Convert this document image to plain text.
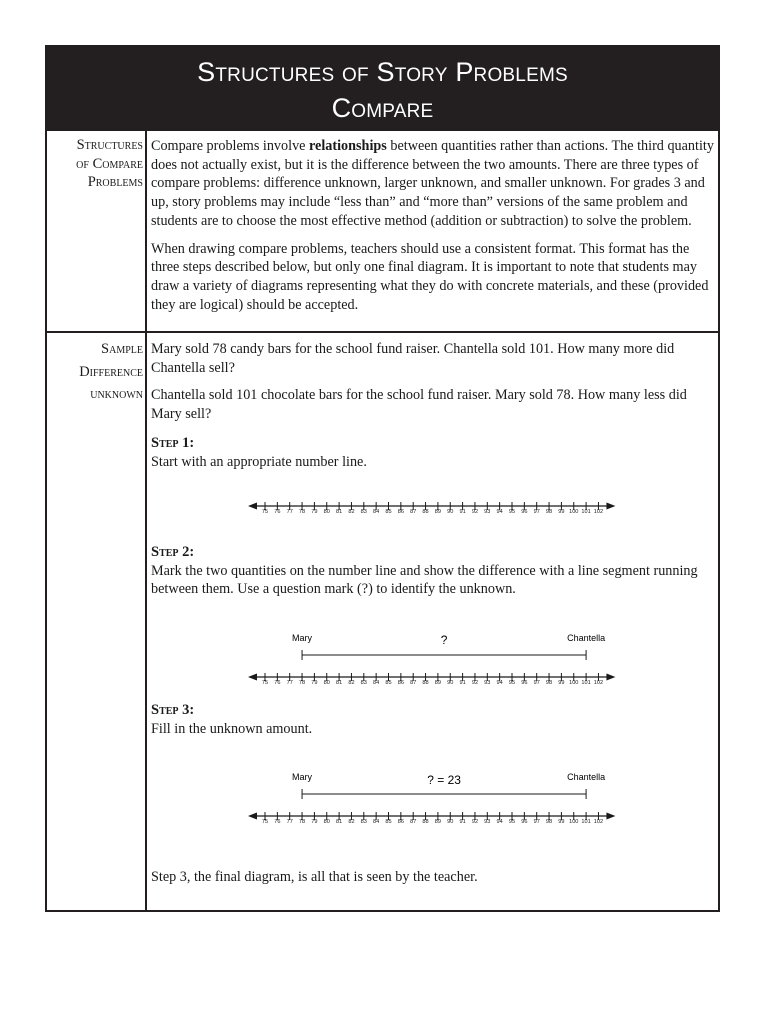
Structures of Story Problems
Compare
Structures
of Compare
Problems

Compare problems involve relationships between quantities rather than actions. The third quantity does not actually exist, but it is the difference between the two amounts. There are three types of compare problems: difference unknown, larger unknown, and smaller unknown. For grades 3 and up, story problems may include “less than” and “more than” versions of the same problem and students are to choose the most effective method (addition or subtraction) to solve the problem.

When drawing compare problems, teachers should use a consistent format. This format has the three steps described below, but only one final diagram. It is important to note that students may draw a variety of diagrams representing what they do with concrete materials, and these (provided they are logical) should be accepted.

Sample
Difference
unknown
Mary sold 78 candy bars for the school fund raiser. Chantella sold 101. How many more did Chantella sell?
Chantella sold 101 chocolate bars for the school fund raiser. Mary sold 78. How many less did Mary sell?
Step 1:
Start with an appropriate number line.
Step 2:
Mark the two quantities on the number line and show the difference with a line segment running between them. Use a question mark (?) to identify the unknown.
Step 3:
Fill in the unknown amount.
Step 3, the final diagram, is all that is seen by the teacher.
75 76 77 78 79 80 81 82 83 84 85 86 87 88 89 90 91 92 93 94 95 96 97 98 99 100 101 102
Mary	?	Chantella
75 76 77 78 79 80 81 82 83 84 85 86 87 88 89 90 91 92 93 94 95 96 97 98 99 100 101 102
Mary	? = 23	Chantella
75 76 77 78 79 80 81 82 83 84 85 86 87 88 89 90 91 92 93 94 95 96 97 98 99 100 101 102
